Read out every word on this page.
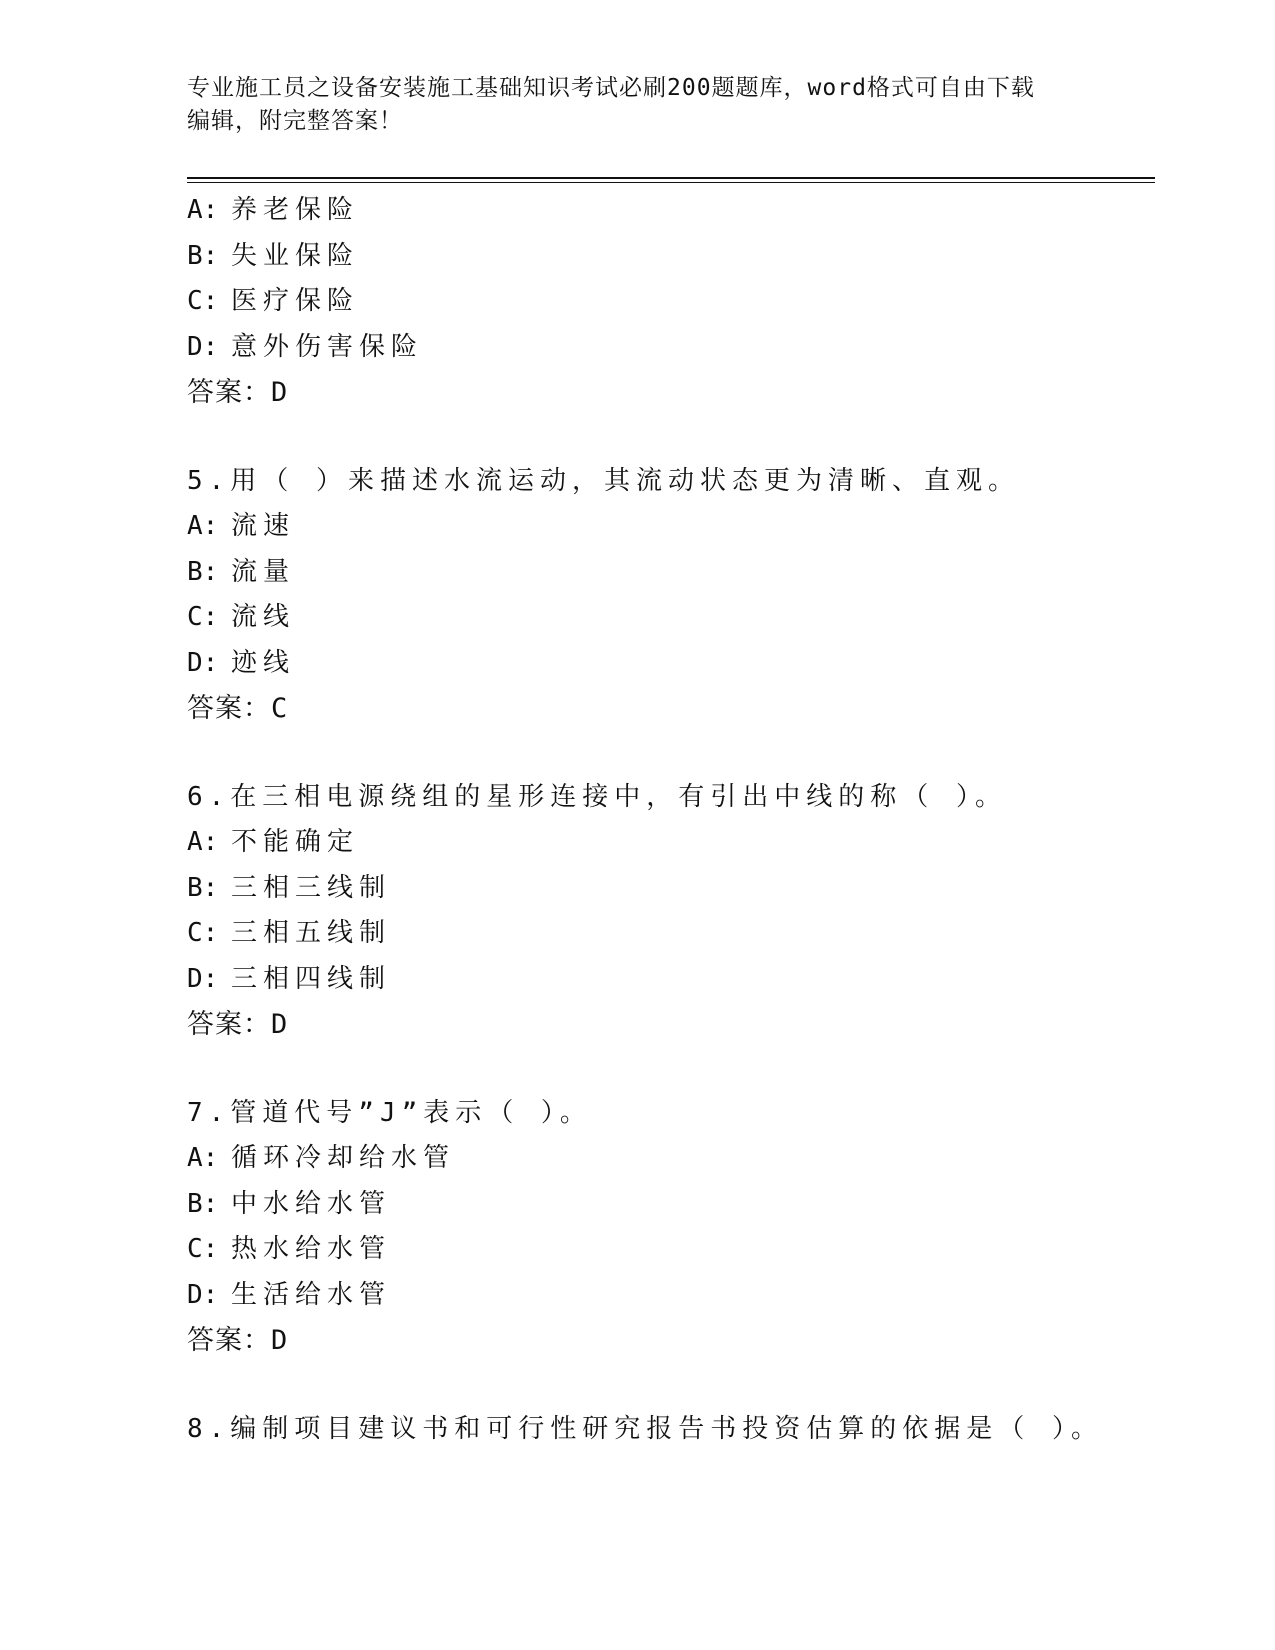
专业施工员之设备安装施工基础知识考试必刷200题题库，word格式可自由下载
编辑，附完整答案！
A: 养老保险
B: 失业保险
C: 医疗保险
D: 意外伤害保险
答案：D
5.用（ ）来描述水流运动，其流动状态更为清晰、直观。
A: 流速
B: 流量
C: 流线
D: 迹线
答案：C
6.在三相电源绕组的星形连接中，有引出中线的称（ ）。
A: 不能确定
B: 三相三线制
C: 三相五线制
D: 三相四线制
答案：D
7.管道代号”J”表示（ ）。
A: 循环冷却给水管
B: 中水给水管
C: 热水给水管
D: 生活给水管
答案：D
8.编制项目建议书和可行性研究报告书投资估算的依据是（ ）。
